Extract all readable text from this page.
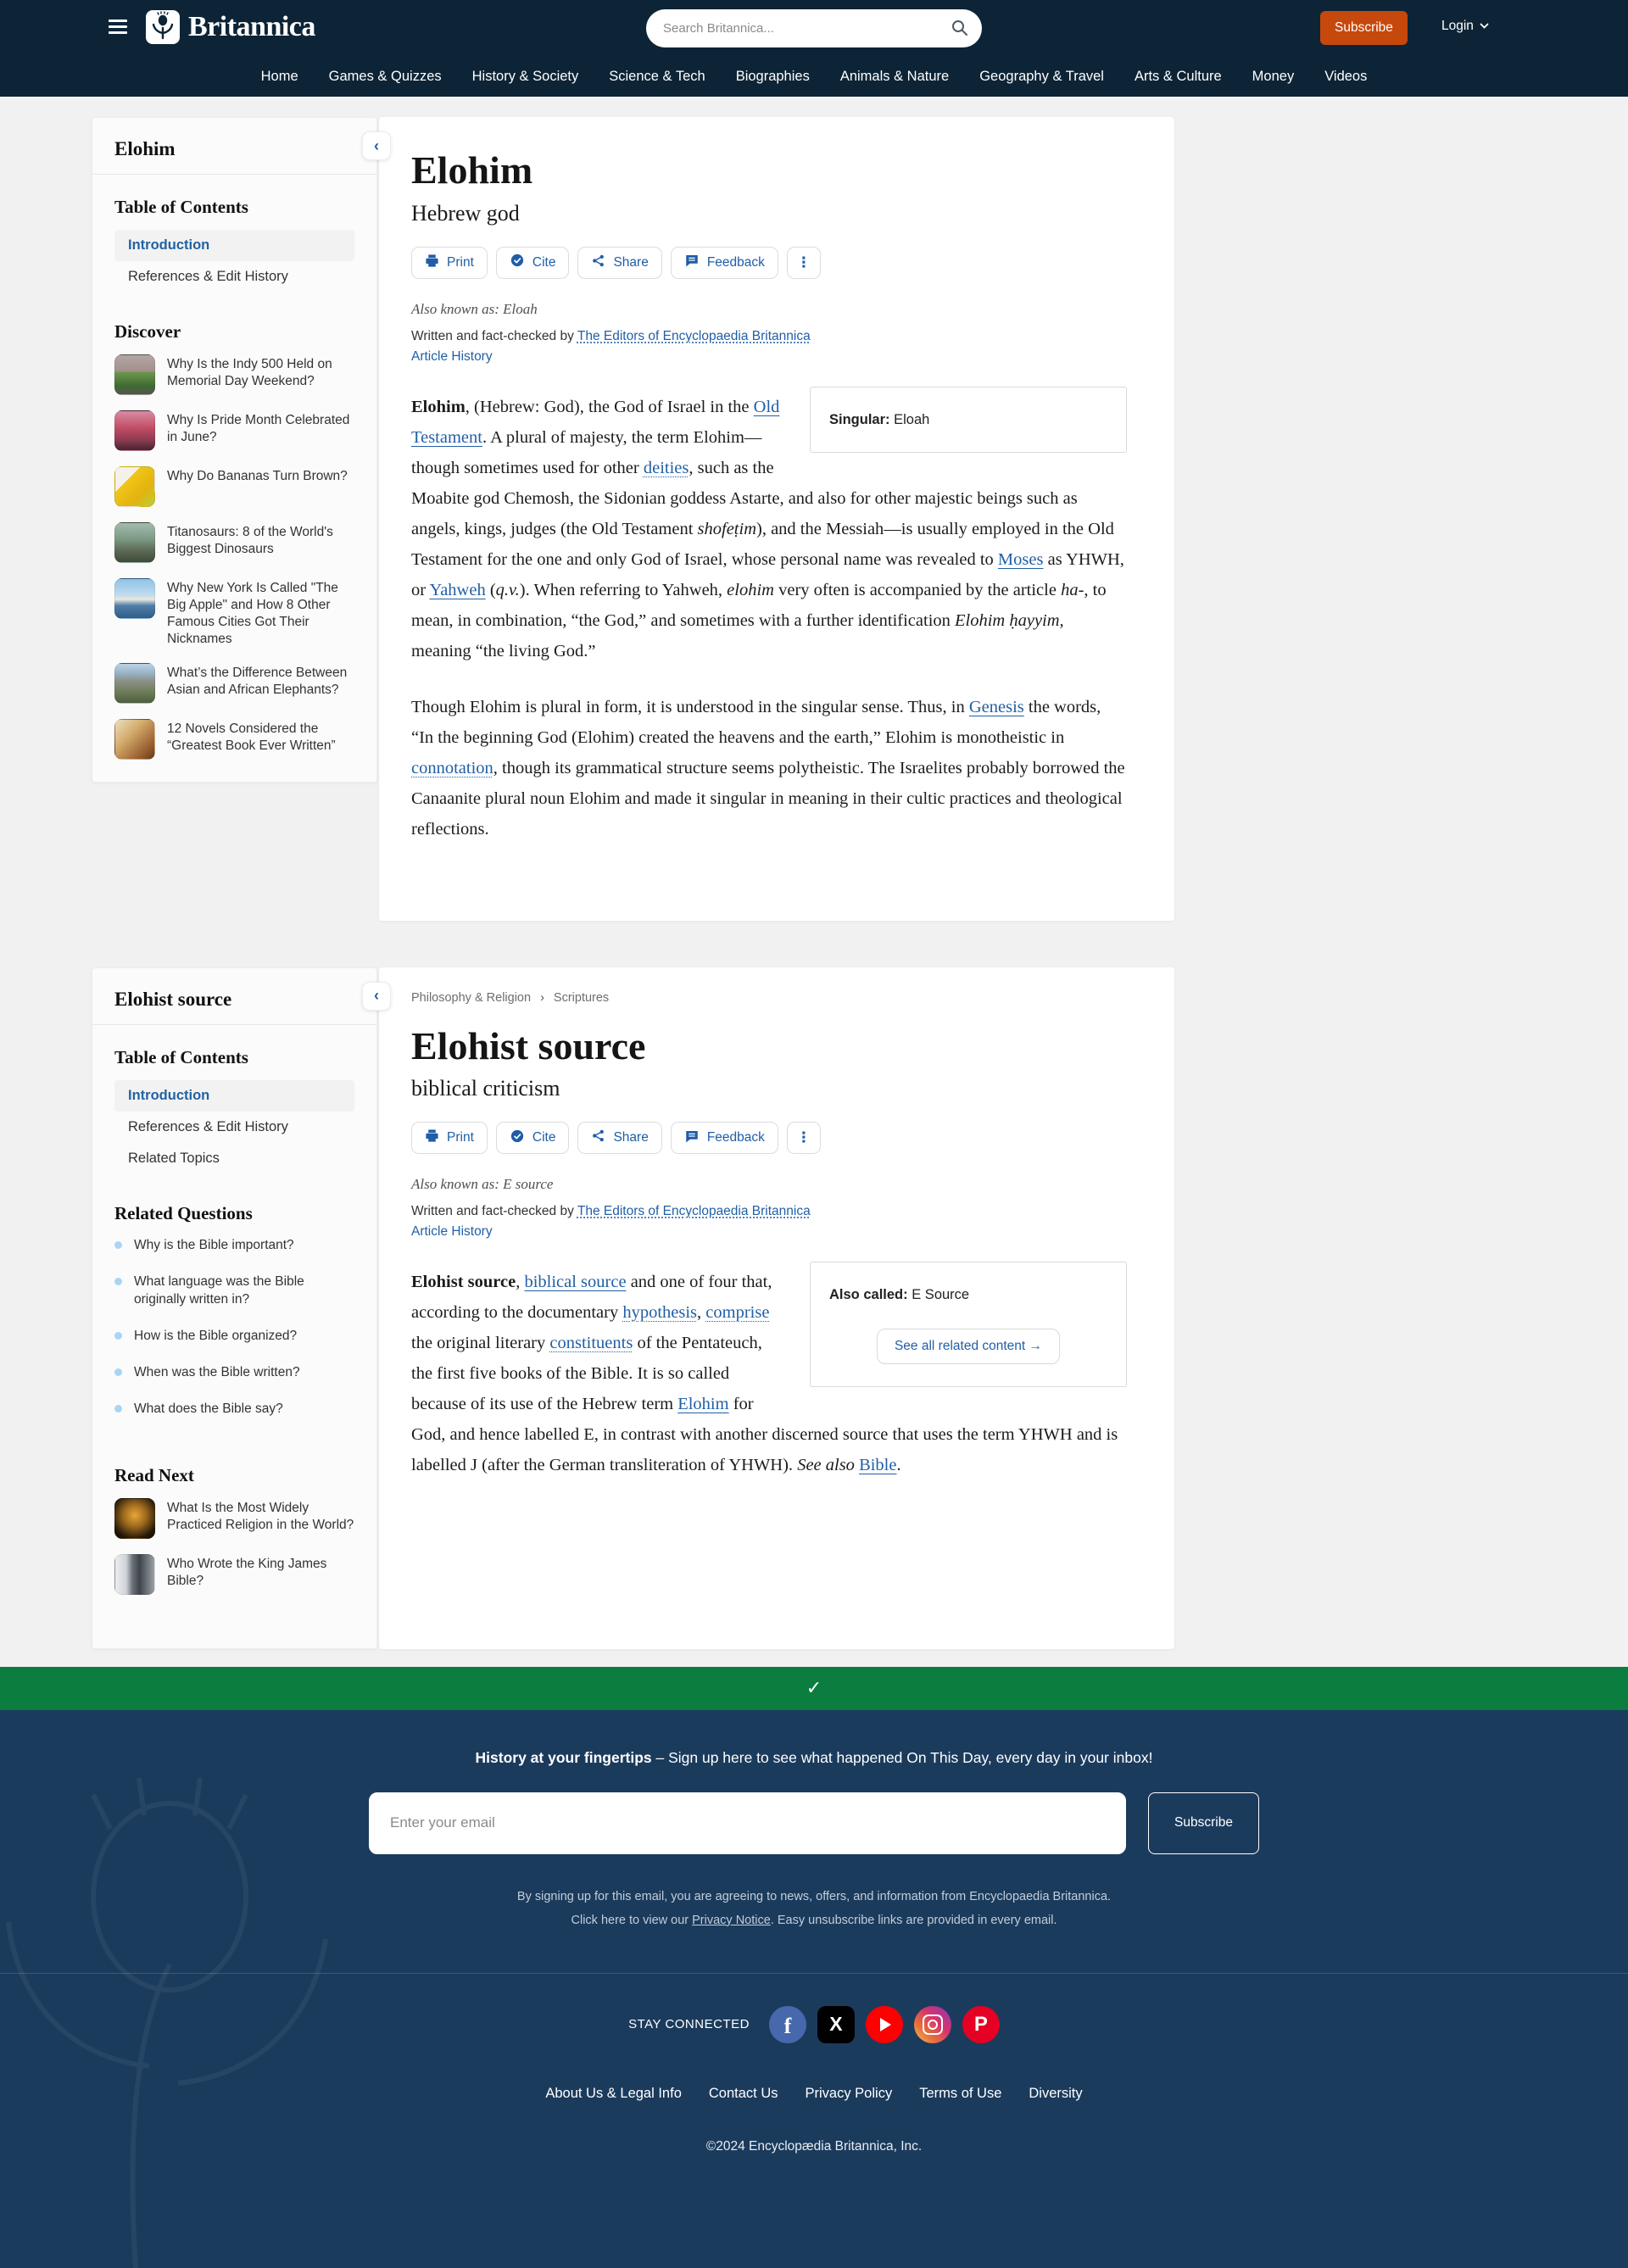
Britannica
Search Britannica...	Subscribe	Login
Home Games & Quizzes History & Society Science & Tech Biographies Animals & Nature Geography & Travel Arts & Culture Money Videos
Elohim	‹
Table of Contents
Introduction
References & Edit History
Discover
Why Is the Indy 500 Held on Memorial Day Weekend?
Why Is Pride Month Celebrated in June?
Why Do Bananas Turn Brown?
Titanosaurs: 8 of the World's Biggest Dinosaurs
Why New York Is Called "The Big Apple" and How 8 Other Famous Cities Got Their Nicknames
What’s the Difference Between Asian and African Elephants?
12 Novels Considered the “Greatest Book Ever Written”
Elohim
Hebrew god
Print	Cite	Share	Feedback ⋮
Also known as: Eloah
Written and fact-checked by The Editors of Encyclopaedia Britannica
Article History
Singular: Eloah

Elohim, (Hebrew: God), the God of Israel in the Old Testament. A plural of majesty, the term Elohim—though sometimes used for other deities, such as the Moabite god Chemosh, the Sidonian goddess Astarte, and also for other majestic beings such as angels, kings, judges (the Old Testament shofeṭim), and the Messiah—is usually employed in the Old Testament for the one and only God of Israel, whose personal name was revealed to Moses as YHWH, or Yahweh (q.v.). When referring to Yahweh, elohim very often is accompanied by the article ha-, to mean, in combination, “the God,” and sometimes with a further identification Elohim ḥayyim, meaning “the living God.”

Though Elohim is plural in form, it is understood in the singular sense. Thus, in Genesis the words, “In the beginning God (Elohim) created the heavens and the earth,” Elohim is monotheistic in connotation, though its grammatical structure seems polytheistic. The Israelites probably borrowed the Canaanite plural noun Elohim and made it singular in meaning in their cultic practices and theological reflections.

Elohist source	‹
Table of Contents
Introduction
References & Edit History
Related Topics
Related Questions
Why is the Bible important?
What language was the Bible originally written in?
How is the Bible organized?
When was the Bible written?
What does the Bible say?
Read Next
What Is the Most Widely Practiced Religion in the World?
Who Wrote the King James Bible?
Philosophy & Religion › Scriptures
Elohist source
biblical criticism
Print	Cite	Share	Feedback ⋮
Also known as: E source
Written and fact-checked by The Editors of Encyclopaedia Britannica
Article History
Also called: E Source
See all related content →

Elohist source, biblical source and one of four that, according to the documentary hypothesis, comprise the original literary constituents of the Pentateuch, the first five books of the Bible. It is so called because of its use of the Hebrew term Elohim for God, and hence labelled E, in contrast with another discerned source that uses the term YHWH and is labelled J (after the German transliteration of YHWH). See also Bible.

✓
History at your fingertips – Sign up here to see what happened On This Day, every day in your inbox!
Enter your email
Subscribe
By signing up for this email, you are agreeing to news, offers, and information from Encyclopaedia Britannica.
Click here to view our Privacy Notice. Easy unsubscribe links are provided in every email.
STAY CONNECTED
f
X
P
About Us & Legal Info Contact Us Privacy Policy Terms of Use Diversity
©2024 Encyclopædia Britannica, Inc.
